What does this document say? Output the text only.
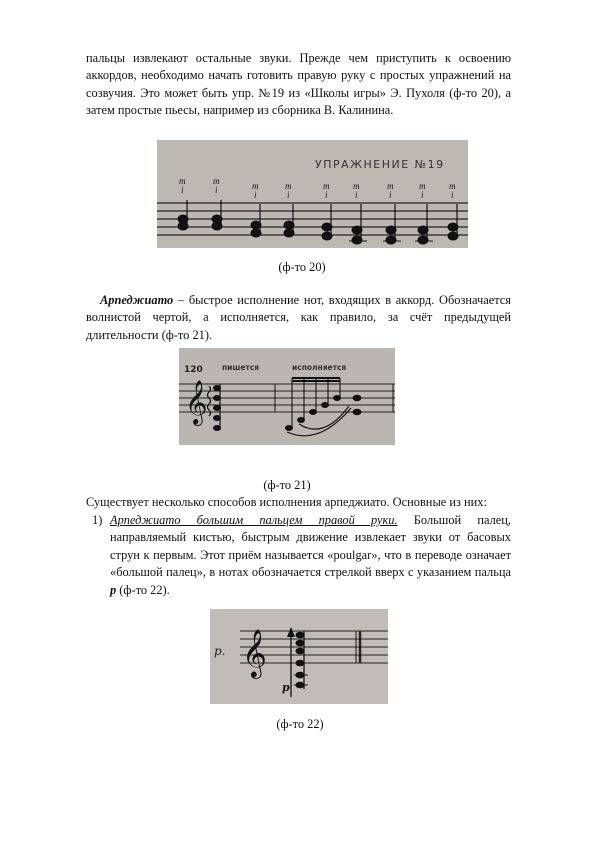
пальцы извлекают остальные звуки. Прежде чем приступить к освоению аккордов, необходимо начать готовить правую руку с простых упражнений на созвучия. Это может быть упр. №19 из «Школы игры» Э. Пухоля (ф-то 20), а затем простые пьесы, например из сборника В. Калинина.

УПРАЖНЕНИЕ №19
m
i
m
i	m
i
m
i
m
i
m
i
m
i
m
i
m
i

(ф-то 20)

Арпеджиато – быстрое исполнение нот, входящих в аккорд. Обозначается волнистой чертой, а исполняется, как правило, за счёт предыдущей длительности (ф-то 21).

120	пишется	исполняется
𝄞

(ф-то 21)

Существует несколько способов исполнения арпеджиато. Основные из них:

1) Арпеджиато большим пальцем правой руки. Большой палец, направляемый кистью, быстрым движение извлекает звуки от басовых струн к первым. Этот приём называется «poulgar», что в переводе означает «большой палец», в нотах обозначается стрелкой вверх с указанием пальца p (ф-то 22).
р. 𝄞
p

(ф-то 22)
